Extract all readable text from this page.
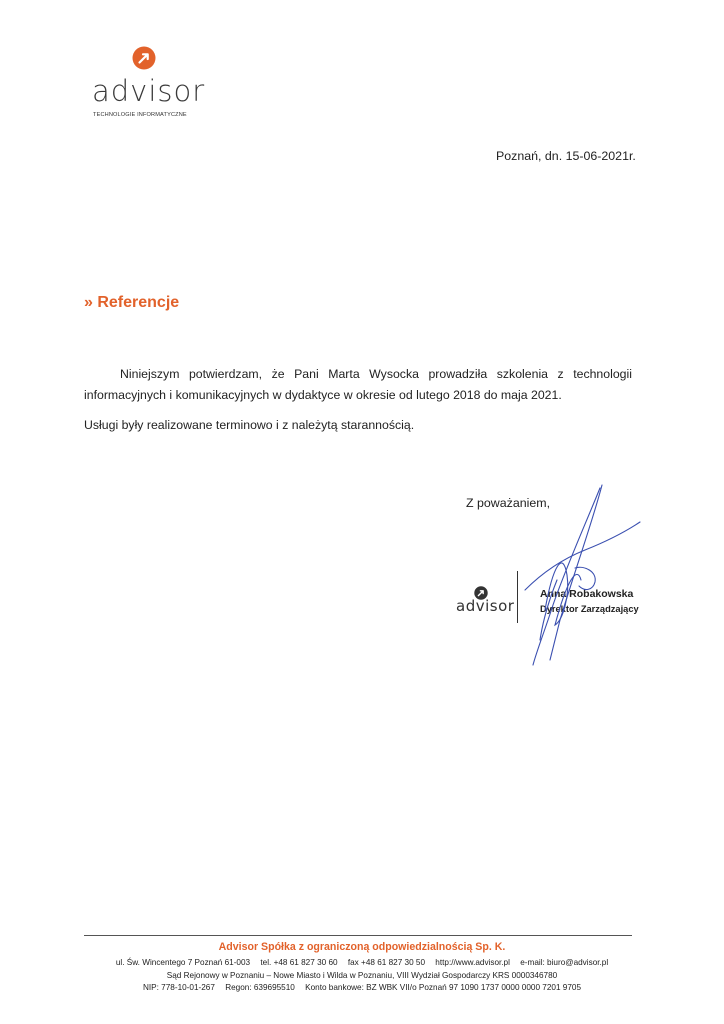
advisor
TECHNOLOGIE INFORMATYCZNE
Poznań, dn. 15-06-2021r.
» Referencje

Niniejszym potwierdzam, że Pani Marta Wysocka prowadziła szkolenia z technologii informacyjnych i komunikacyjnych w dydaktyce w okresie od lutego 2018 do maja 2021.

Usługi były realizowane terminowo i z należytą starannością.

Z poważaniem,
advisor
Anna Robakowska
Dyrektor Zarządzający
Advisor Spółka z ograniczoną odpowiedzialnością Sp. K.
ul. Św. Wincentego 7 Poznań 61-003 tel. +48 61 827 30 60 fax +48 61 827 30 50 http://www.advisor.pl e-mail: biuro@advisor.pl
Sąd Rejonowy w Poznaniu – Nowe Miasto i Wilda w Poznaniu, VIII Wydział Gospodarczy KRS 0000346780
NIP: 778-10-01-267 Regon: 639695510 Konto bankowe: BZ WBK VII/o Poznań 97 1090 1737 0000 0000 7201 9705
